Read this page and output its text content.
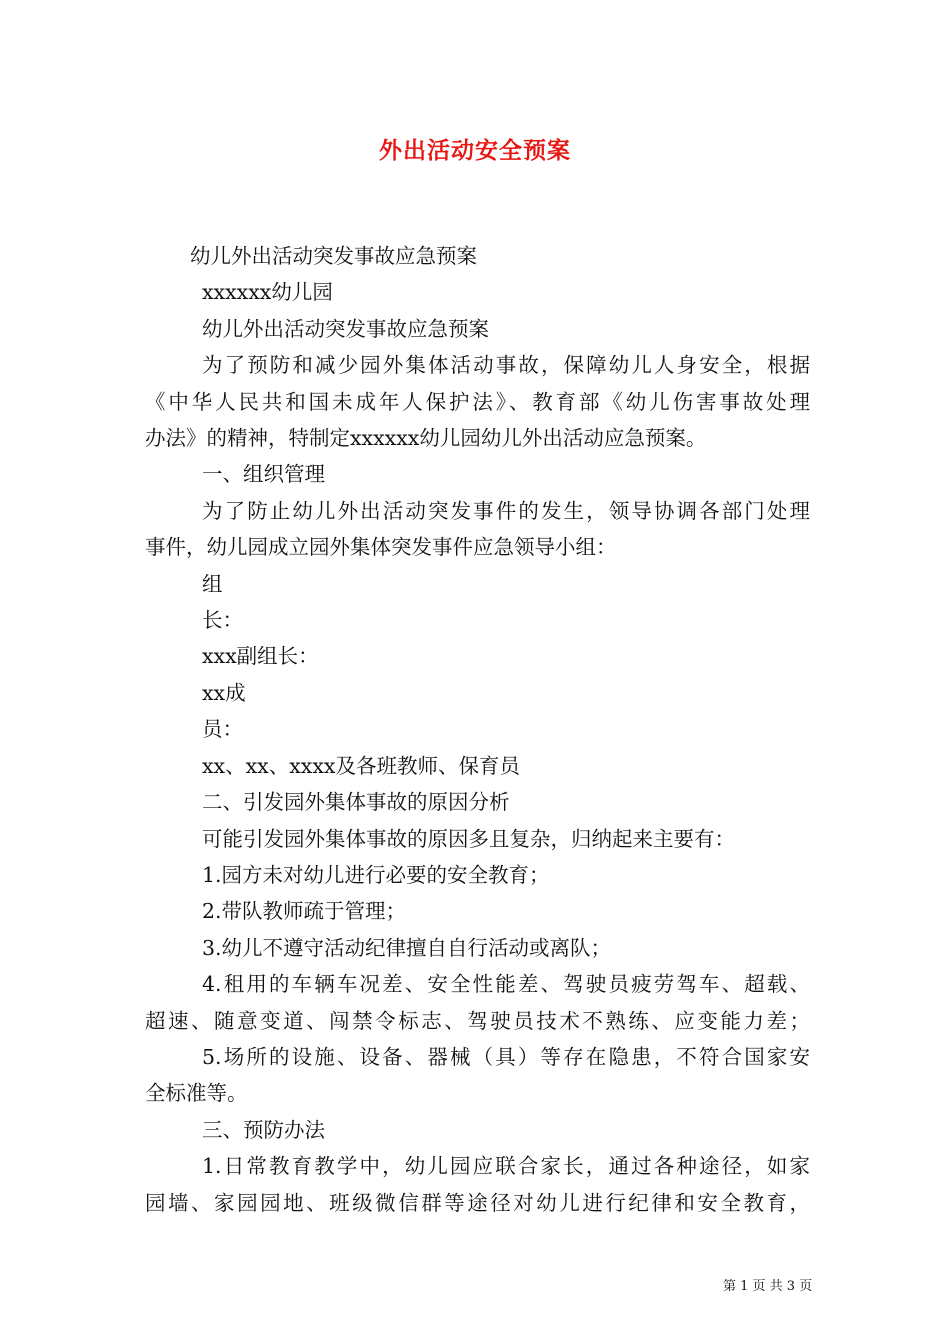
外出活动安全预案
幼儿外出活动突发事故应急预案
xxxxxx幼儿园
幼儿外出活动突发事故应急预案
为了预防和减少园外集体活动事故，保障幼儿人身安全，根据
《中华人民共和国未成年人保护法》、教育部《幼儿伤害事故处理
办法》的精神，特制定xxxxxx幼儿园幼儿外出活动应急预案。
一、组织管理
为了防止幼儿外出活动突发事件的发生，领导协调各部门处理
事件，幼儿园成立园外集体突发事件应急领导小组：
组
长：
xxx副组长：
xx成
员：
xx、xx、xxxx及各班教师、保育员
二、引发园外集体事故的原因分析
可能引发园外集体事故的原因多且复杂，归纳起来主要有：
1.园方未对幼儿进行必要的安全教育；
2.带队教师疏于管理；
3.幼儿不遵守活动纪律擅自自行活动或离队；
4.租用的车辆车况差、安全性能差、驾驶员疲劳驾车、超载、
超速、随意变道、闯禁令标志、驾驶员技术不熟练、应变能力差；
5.场所的设施、设备、器械（具）等存在隐患，不符合国家安
全标准等。
三、预防办法
1.日常教育教学中，幼儿园应联合家长，通过各种途径，如家
园墙、家园园地、班级微信群等途径对幼儿进行纪律和安全教育，
第 1 页 共 3 页
